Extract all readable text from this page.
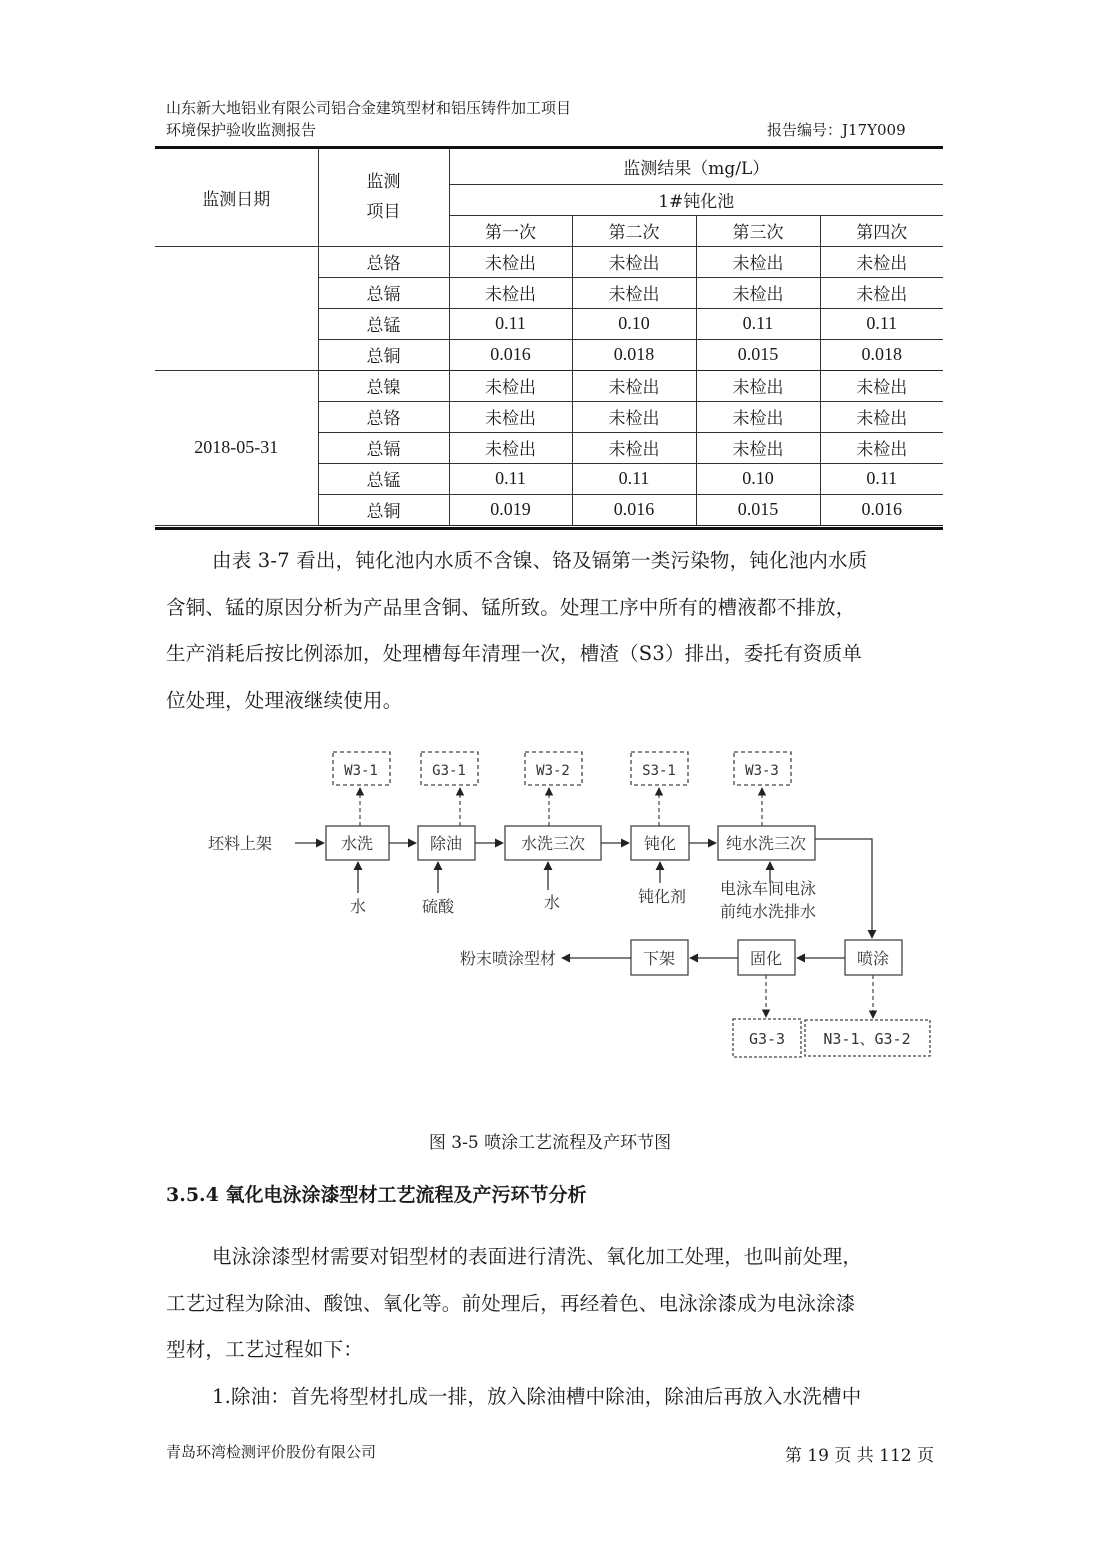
山东新大地铝业有限公司铝合金建筑型材和铝压铸件加工项目
环境保护验收监测报告	报告编号：J17Y009
监测日期	监测
项目	监测结果（mg/L）			
		1#钝化池			
		第一次	第二次	第三次	第四次
	总铬	未检出	未检出	未检出	未检出
	总镉	未检出	未检出	未检出	未检出
	总锰	0.11	0.10	0.11	0.11
	总铜	0.016	0.018	0.015	0.018
2018-05-31	总镍	未检出	未检出	未检出	未检出
	总铬	未检出	未检出	未检出	未检出
	总镉	未检出	未检出	未检出	未检出
	总锰	0.11	0.11	0.10	0.11
	总铜	0.019	0.016	0.015	0.016
由表 3-7 看出，钝化池内水质不含镍、铬及镉第一类污染物，钝化池内水质
含铜、锰的原因分析为产品里含铜、锰所致。处理工序中所有的槽液都不排放，
生产消耗后按比例添加，处理槽每年清理一次，槽渣（S3）排出，委托有资质单
位处理，处理液继续使用。
W3-1	G3-1	W3-2	S3-1	W3-3
坯料上架	水洗	除油	水洗三次	钝化	纯水洗三次
水	硫酸	水	钝化剂 电泳车间电泳
前纯水洗排水
喷涂
固化
下架
粉末喷涂型材
G3-3	N3-1、G3-2
图 3-5 喷涂工艺流程及产环节图
3.5.4 氧化电泳涂漆型材工艺流程及产污环节分析
电泳涂漆型材需要对铝型材的表面进行清洗、氧化加工处理，也叫前处理，
工艺过程为除油、酸蚀、氧化等。前处理后，再经着色、电泳涂漆成为电泳涂漆
型材，工艺过程如下：
1.除油：首先将型材扎成一排，放入除油槽中除油，除油后再放入水洗槽中
青岛环湾检测评价股份有限公司	第 19 页 共 112 页
